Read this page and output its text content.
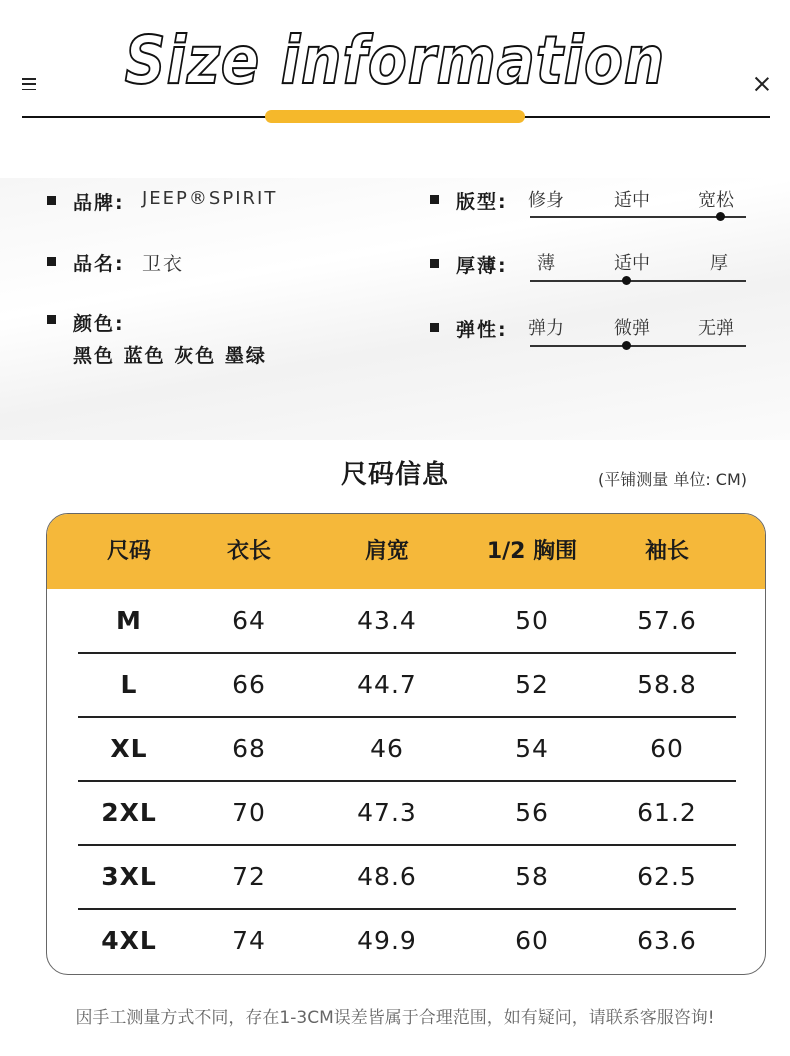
Size information
品牌: JEEP®SPIRIT
品名: 卫衣
颜色:
黑色 蓝色 灰色 墨绿
版型: 修身	适中	宽松
厚薄: 薄	适中	厚
弹性: 弹力	微弹	无弹
尺码信息	(平铺测量 单位: CM)
尺码	衣长	肩宽	1/2 胸围	袖长
M	64	43.4	50	57.6
L	66	44.7	52	58.8
XL	68	46	54	60
2XL	70	47.3	56	61.2
3XL	72	48.6	58	62.5
4XL	74	49.9	60	63.6
因手工测量方式不同，存在1-3CM误差皆属于合理范围，如有疑问，请联系客服咨询!
